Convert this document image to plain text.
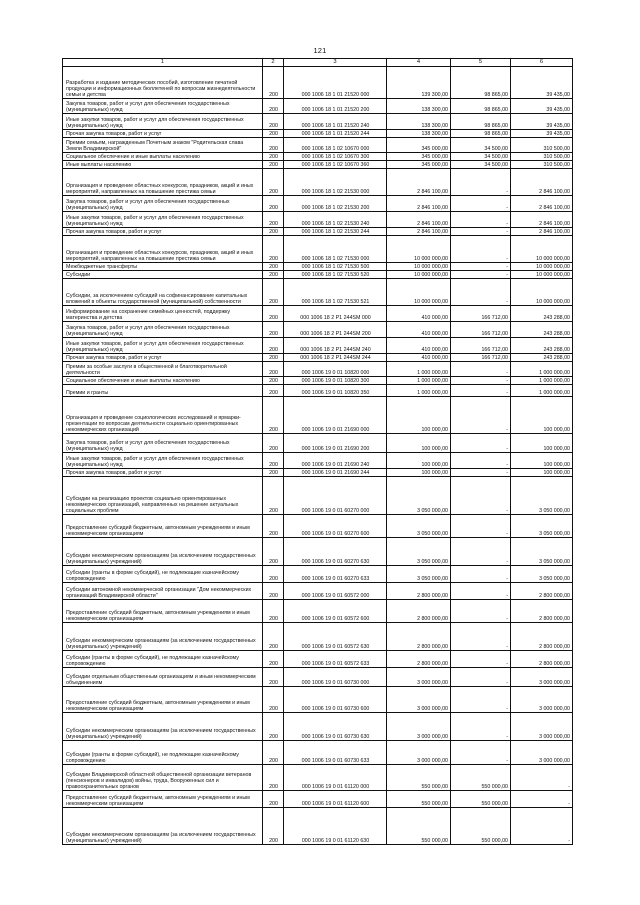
121
1	2	3	4	5	6
Разработка и издание методических пособий, изготовление печатной продукции и информационных бюллетеней по вопросам жизнедеятельности семьи и детства	200	000 1006 18 1 01 21520 000	139 300,00	98 865,00	39 435,00
Закупка товаров, работ и услуг для обеспечения государственных (муниципальных) нужд	200	000 1006 18 1 01 21520 200	138 300,00	98 865,00	39 435,00
Иные закупки товаров, работ и услуг для обеспечения государственных (муниципальных) нужд	200	000 1006 18 1 01 21520 240	138 300,00	98 865,00	39 435,00
Прочая закупка товаров, работ и услуг	200	000 1006 18 1 01 21520 244	138 300,00	98 865,00	39 435,00
Премии семьям, награжденным Почетным знаком "Родительская слава Земли Владимирской"	200	000 1006 18 1 02 10670 000	345 000,00	34 500,00	310 500,00
Социальное обеспечение и иные выплаты населению	200	000 1006 18 1 02 10670 300	345 000,00	34 500,00	310 500,00
Иные выплаты населению	200	000 1006 18 1 02 10670 360	345 000,00	34 500,00	310 500,00
Организация и проведение областных конкурсов, праздников, акций и иных мероприятий, направленных на повышение престижа семьи	200	000 1006 18 1 02 21530 000	2 846 100,00	-	2 846 100,00
Закупка товаров, работ и услуг для обеспечения государственных (муниципальных) нужд	200	000 1006 18 1 02 21530 200	2 846 100,00	-	2 846 100,00
Иные закупки товаров, работ и услуг для обеспечения государственных (муниципальных) нужд	200	000 1006 18 1 02 21530 240	2 846 100,00	-	2 846 100,00
Прочая закупка товаров, работ и услуг	200	000 1006 18 1 02 21530 244	2 846 100,00	-	2 846 100,00
Организация и проведение областных конкурсов, праздников, акций и иных мероприятий, направленных на повышение престижа семьи	200	000 1006 18 1 02 71530 000	10 000 000,00	-	10 000 000,00
Межбюджетные трансферты	200	000 1006 18 1 02 71530 500	10 000 000,00	-	10 000 000,00
Субсидии	200	000 1006 18 1 02 71530 520	10 000 000,00	-	10 000 000,00
Субсидии, за исключением субсидий на софинансирование капитальных вложений в объекты государственной (муниципальной) собственности	200	000 1006 18 1 02 71530 521	10 000 000,00	-	10 000 000,00
Информирование на сохранение семейных ценностей, поддержку материнства и детства	200	000 1006 18 2 P1 244SM 000	410 000,00	166 712,00	243 288,00
Закупка товаров, работ и услуг для обеспечения государственных (муниципальных) нужд	200	000 1006 18 2 P1 244SM 200	410 000,00	166 712,00	243 288,00
Иные закупки товаров, работ и услуг для обеспечения государственных (муниципальных) нужд	200	000 1006 18 2 P1 244SM 240	410 000,00	166 712,00	243 288,00
Прочая закупка товаров, работ и услуг	200	000 1006 18 2 P1 244SM 244	410 000,00	166 712,00	243 288,00
Премии за особые заслуги в общественной и благотворительной деятельности	200	000 1006 19 0 01 10820 000	1 000 000,00	-	1 000 000,00
Социальное обеспечение и иные выплаты населению	200	000 1006 19 0 01 10820 300	1 000 000,00	-	1 000 000,00
Премии и гранты	200	000 1006 19 0 01 10820 350	1 000 000,00	-	1 000 000,00
Организация и проведение социологических исследований и ярмарки-презентации по вопросам деятельности социально ориентированных некоммерческих организаций	200	000 1006 19 0 01 21690 000	100 000,00	-	100 000,00
Закупка товаров, работ и услуг для обеспечения государственных (муниципальных) нужд	200	000 1006 19 0 01 21690 200	100 000,00	-	100 000,00
Иные закупки товаров, работ и услуг для обеспечения государственных (муниципальных) нужд	200	000 1006 19 0 01 21690 240	100 000,00	-	100 000,00
Прочая закупка товаров, работ и услуг	200	000 1006 19 0 01 21690 244	100 000,00	-	100 000,00
Субсидии на реализацию проектов социально ориентированных некоммерческих организаций, направленных на решение актуальных социальных проблем	200	000 1006 19 0 01 60270 000	3 050 000,00	-	3 050 000,00
Предоставление субсидий бюджетным, автономным учреждениям и иным некоммерческим организациям	200	000 1006 19 0 01 60270 600	3 050 000,00	-	3 050 000,00
Субсидии некоммерческим организациям (за исключением государственных (муниципальных) учреждений)	200	000 1006 19 0 01 60270 630	3 050 000,00	-	3 050 000,00
Субсидии (гранты в форме субсидий), не подлежащие казначейскому сопровождению	200	000 1006 19 0 01 60270 633	3 050 000,00	-	3 050 000,00
Субсидии автономной некоммерческой организации "Дом некоммерческих организаций Владимирской области"	200	000 1006 19 0 01 60572 000	2 800 000,00	-	2 800 000,00
Предоставление субсидий бюджетным, автономным учреждениям и иным некоммерческим организациям	200	000 1006 19 0 01 60572 600	2 800 000,00	-	2 800 000,00
Субсидии некоммерческим организациям (за исключением государственных (муниципальных) учреждений)	200	000 1006 19 0 01 60572 630	2 800 000,00	-	2 800 000,00
Субсидии (гранты в форме субсидий), не подлежащие казначейскому сопровождению	200	000 1006 19 0 01 60572 633	2 800 000,00	-	2 800 000,00
Субсидии отдельным общественным организациям и иным некоммерческим объединениям	200	000 1006 19 0 01 60730 000	3 000 000,00	-	3 000 000,00
Предоставление субсидий бюджетным, автономным учреждениям и иным некоммерческим организациям	200	000 1006 19 0 01 60730 600	3 000 000,00	-	3 000 000,00
Субсидии некоммерческим организациям (за исключением государственных (муниципальных) учреждений)	200	000 1006 19 0 01 60730 630	3 000 000,00	-	3 000 000,00
Субсидии (гранты в форме субсидий), не подлежащие казначейскому сопровождению	200	000 1006 19 0 01 60730 633	3 000 000,00	-	3 000 000,00
Субсидии Владимирской областной общественной организации ветеранов (пенсионеров и инвалидов) войны, труда, Вооруженных сил и правоохранительных органов	200	000 1006 19 0 01 61120 000	550 000,00	550 000,00	-
Предоставление субсидий бюджетным, автономным учреждениям и иным некоммерческим организациям	200	000 1006 19 0 01 61120 600	550 000,00	550 000,00	-
Субсидии некоммерческим организациям (за исключением государственных (муниципальных) учреждений)	200	000 1006 19 0 01 61120 630	550 000,00	550 000,00	-
